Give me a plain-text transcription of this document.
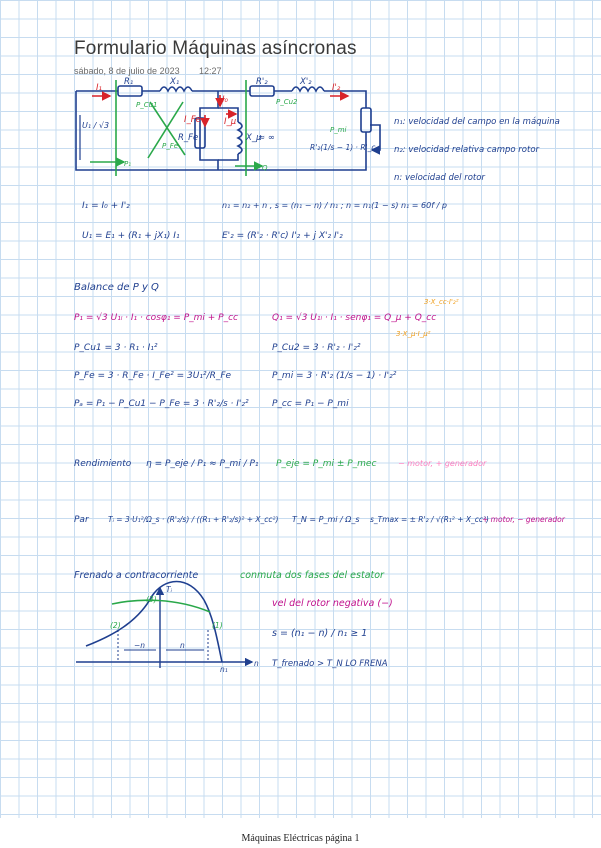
Formulario Máquinas asíncronas
sábado, 8 de julio de 2023 12:27
I₁
R₁	X₁	R'₂	X'₂
I'₂
I₀
I_Fe	I_μ
R_Fe	X_μ
≈ ∞
P_Cu1
P_Fe
P_Cu2
P_mi
R'₂(1/s − 1) · R'_c
U₁ / √3
P₁	Q
n₁: velocidad del campo en la máquina
n₂: velocidad relativa campo rotor
n: velocidad del rotor
I₁ = I₀ + I'₂	n₁ = n₂ + n , s = (n₁ − n) / n₁ ; n = n₁(1 − s) n₁ = 60f / p
U₁ = E₁ + (R₁ + jX₁) I₁	E'₂ = (R'₂ · R'c) I'₂ + j X'₂ I'₂
Balance de P y Q
P₁ = √3 U₁ₗ · I₁ · cosφ₁ = P_mi + P_cc	Q₁ = √3 U₁ₗ · I₁ · senφ₁ = Q_μ + Q_cc
3·X_cc·I'₂²
3·X_μ·I_μ²
P_Cu1 = 3 · R₁ · I₁²	P_Cu2 = 3 · R'₂ · I'₂²
P_Fe = 3 · R_Fe · I_Fe² = 3U₁²/R_Fe	P_mi = 3 · R'₂ (1/s − 1) · I'₂²
Pₐ = P₁ − P_Cu1 − P_Fe = 3 · R'₂/s · I'₂²	P_cc = P₁ − P_mi
Rendimiento η = P_eje / P₁ ≈ P_mi / P₁ P_eje = P_mi ± P_mec	− motor, + generador
Par	Tᵢ = 3·U₁²/Ω_s · (R'₂/s) / ((R₁ + R'₂/s)² + X_cc²) T_N = P_mi / Ω_s s_Tmax = ± R'₂ / √(R₁² + X_cc²)
+ motor, − generador
Frenado a contracorriente	conmuta dos fases del estator
vel del rotor negativa (−)
s = (n₁ − n) / n₁ ≥ 1
T_frenado > T_N LO FRENA
Tᵢ
n
n₁
(3)
(2)	(1)
−n	n
Máquinas Eléctricas página 1
